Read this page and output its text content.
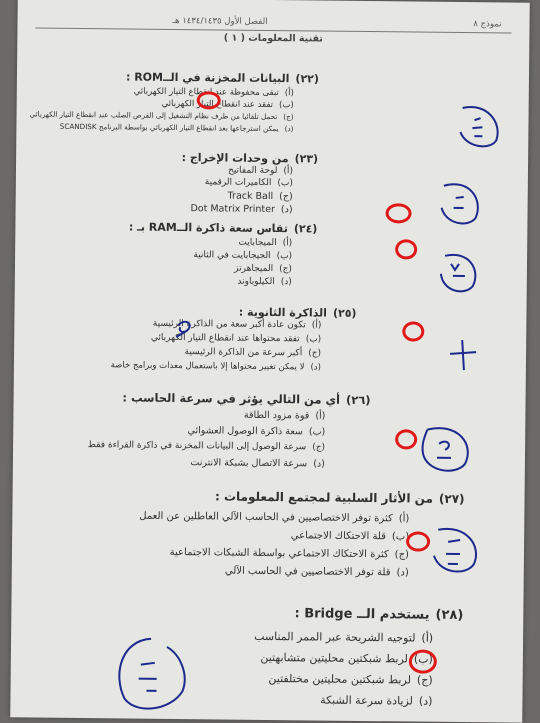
نموذج ٨
الفصل الأول ١٤٣٤/١٤٣٥ هـ
تقنية المعلومات ( ١ )
(٢٢)البيانات المخزنة في الــROM :
(أ)تبقى محفوظة عند انقطاع التيار الكهربائي
(ب)تفقد عند انقطاع التيار الكهربائي
(ج)تحمل تلقائيا من طرف نظام التشغيل إلى القرص الصلب عند انقطاع التيار الكهربائي
(د)يمكن استرجاعها بعد انقطاع التيار الكهربائي بواسطة البرنامج SCANDISK
(٢٣)من وحدات الإخراج :
(أ)لوحة المفاتيح
(ب)الكاميرات الرقمية
(ج)Track Ball
(د)Dot Matrix Printer
(٢٤)تقاس سعة ذاكرة الــRAM بـ :
(أ)الميجابايت
(ب)الجيجابايت في الثانية
(ج)الميجاهرتز
(د)الكيلوباوند
(٢٥)الذاكرة الثانوية :
(أ)تكون عادة أكبر سعة من الذاكرة الرئيسية
(ب)تفقد محتواها عند انقطاع التيار الكهربائي
(ج)أكبر سرعة من الذاكرة الرئيسية
(د)لا يمكن تغيير محتواها إلا باستعمال معدات وبرامج خاصة
(٢٦)أي من التالي يؤثر في سرعة الحاسب :
(أ)قوة مزود الطاقة
(ب)سعة ذاكرة الوصول العشوائي
(ج)سرعة الوصول إلى البيانات المخزنة في ذاكرة القراءة فقط
(د)سرعة الاتصال بشبكة الانترنت
(٢٧)من الأثار السلبية لمجتمع المعلومات :
(أ)كثرة توفر الاختصاصيين في الحاسب الآلي العاطلين عن العمل
(ب)قلة الاحتكاك الاجتماعي
(ج)كثرة الاحتكاك الاجتماعي بواسطة الشبكات الاجتماعية
(د)قلة توفر الاختصاصيين في الحاسب الآلي
(٢٨)يستخدم الــ Bridge :
(أ)لتوجيه الشريحة عبر الممر المناسب
(ب)لربط شبكتين محليتين متشابهتين
(ج)لربط شبكتين محليتين مختلفتين
(د)لزيادة سرعة الشبكة
